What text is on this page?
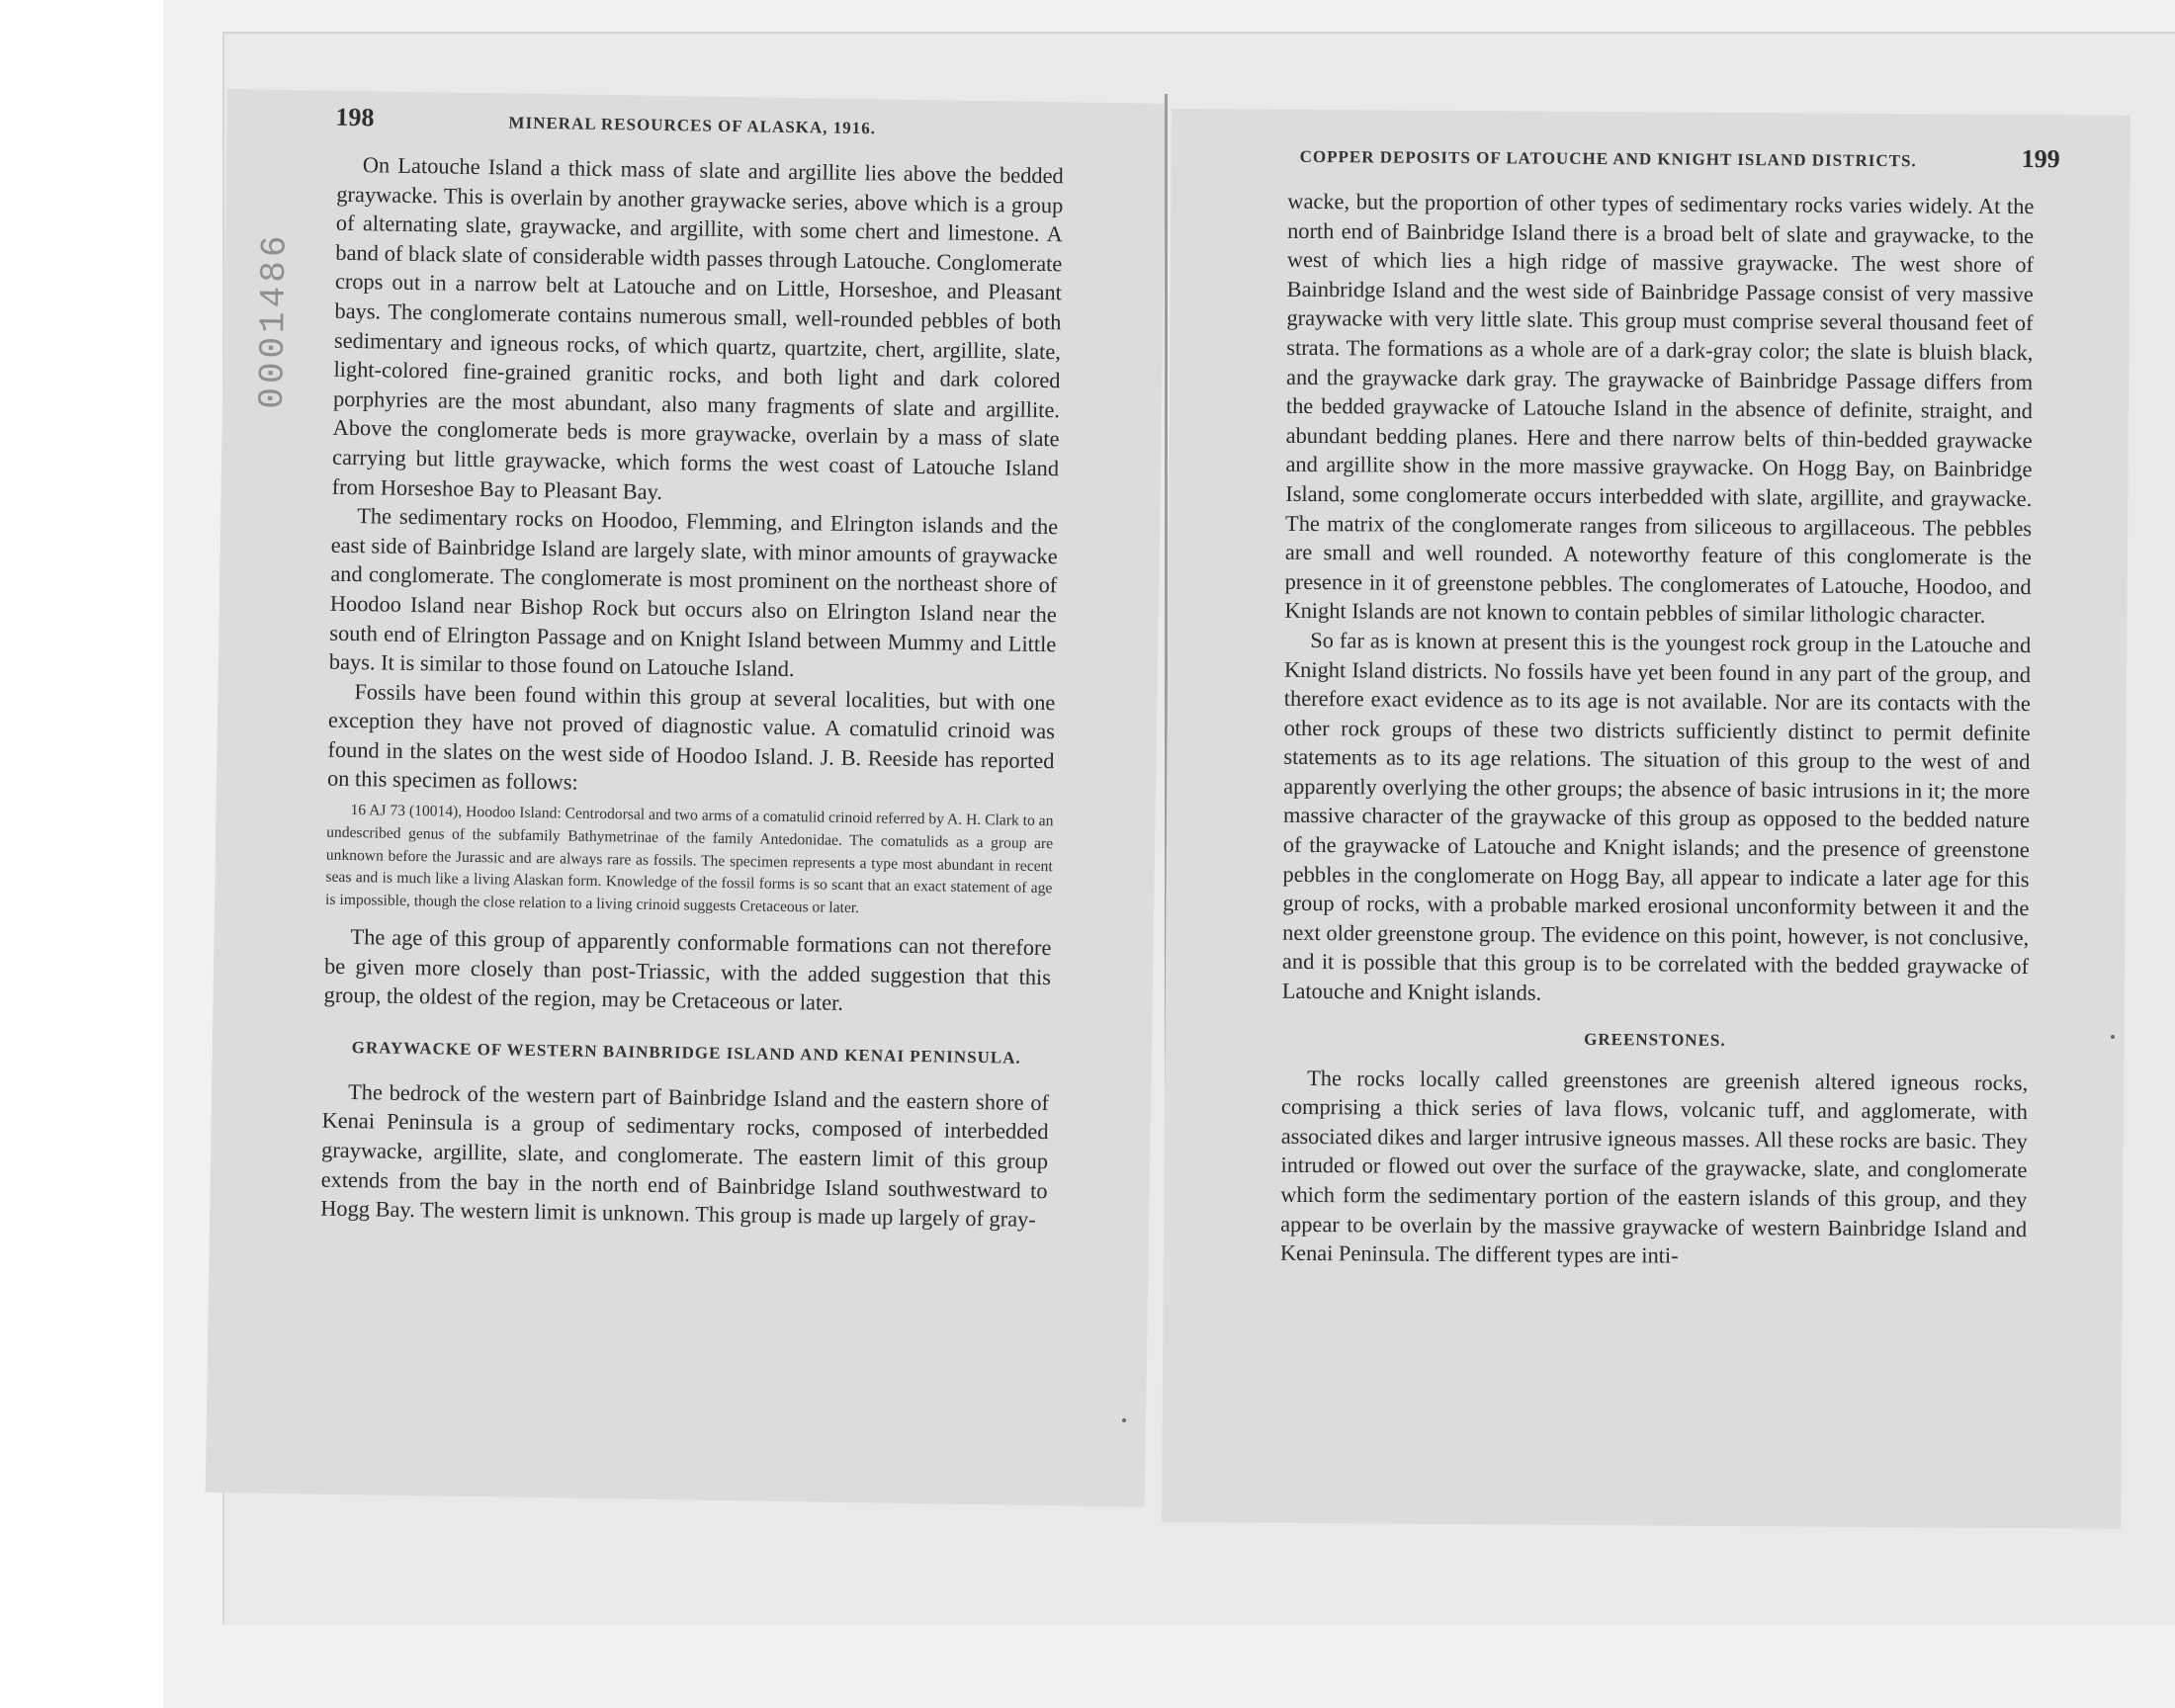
0001486
198	MINERAL RESOURCES OF ALASKA, 1916.

On Latouche Island a thick mass of slate and argillite lies above the bedded graywacke. This is overlain by another graywacke series, above which is a group of alternating slate, graywacke, and argillite, with some chert and limestone. A band of black slate of considerable width passes through Latouche. Conglomerate crops out in a narrow belt at Latouche and on Little, Horseshoe, and Pleasant bays. The conglomerate contains numerous small, well-rounded pebbles of both sedimentary and igneous rocks, of which quartz, quartzite, chert, argillite, slate, light-colored fine-grained granitic rocks, and both light and dark colored porphyries are the most abundant, also many fragments of slate and argillite. Above the conglomerate beds is more graywacke, overlain by a mass of slate carrying but little graywacke, which forms the west coast of Latouche Island from Horseshoe Bay to Pleasant Bay.

The sedimentary rocks on Hoodoo, Flemming, and Elrington islands and the east side of Bainbridge Island are largely slate, with minor amounts of graywacke and conglomerate. The conglomerate is most prominent on the northeast shore of Hoodoo Island near Bishop Rock but occurs also on Elrington Island near the south end of Elrington Passage and on Knight Island between Mummy and Little bays. It is similar to those found on Latouche Island.

Fossils have been found within this group at several localities, but with one exception they have not proved of diagnostic value. A comatulid crinoid was found in the slates on the west side of Hoodoo Island. J. B. Reeside has reported on this specimen as follows:

16 AJ 73 (10014), Hoodoo Island: Centrodorsal and two arms of a comatulid crinoid referred by A. H. Clark to an undescribed genus of the subfamily Bathymetrinae of the family Antedonidae. The comatulids as a group are unknown before the Jurassic and are always rare as fossils. The specimen represents a type most abundant in recent seas and is much like a living Alaskan form. Knowledge of the fossil forms is so scant that an exact statement of age is impossible, though the close relation to a living crinoid suggests Cretaceous or later.

The age of this group of apparently conformable formations can not therefore be given more closely than post-Triassic, with the added suggestion that this group, the oldest of the region, may be Cretaceous or later.

GRAYWACKE OF WESTERN BAINBRIDGE ISLAND AND KENAI PENINSULA.

The bedrock of the western part of Bainbridge Island and the eastern shore of Kenai Peninsula is a group of sedimentary rocks, composed of interbedded graywacke, argillite, slate, and conglomerate. The eastern limit of this group extends from the bay in the north end of Bainbridge Island southwestward to Hogg Bay. The western limit is unknown. This group is made up largely of gray-

COPPER DEPOSITS OF LATOUCHE AND KNIGHT ISLAND DISTRICTS.	199

wacke, but the proportion of other types of sedimentary rocks varies widely. At the north end of Bainbridge Island there is a broad belt of slate and graywacke, to the west of which lies a high ridge of massive graywacke. The west shore of Bainbridge Island and the west side of Bainbridge Passage consist of very massive graywacke with very little slate. This group must comprise several thousand feet of strata. The formations as a whole are of a dark-gray color; the slate is bluish black, and the graywacke dark gray. The graywacke of Bainbridge Passage differs from the bedded graywacke of Latouche Island in the absence of definite, straight, and abundant bedding planes. Here and there narrow belts of thin-bedded graywacke and argillite show in the more massive graywacke. On Hogg Bay, on Bainbridge Island, some conglomerate occurs interbedded with slate, argillite, and graywacke. The matrix of the conglomerate ranges from siliceous to argillaceous. The pebbles are small and well rounded. A noteworthy feature of this conglomerate is the presence in it of greenstone pebbles. The conglomerates of Latouche, Hoodoo, and Knight Islands are not known to contain pebbles of similar lithologic character.

So far as is known at present this is the youngest rock group in the Latouche and Knight Island districts. No fossils have yet been found in any part of the group, and therefore exact evidence as to its age is not available. Nor are its contacts with the other rock groups of these two districts sufficiently distinct to permit definite statements as to its age relations. The situation of this group to the west of and apparently overlying the other groups; the absence of basic intrusions in it; the more massive character of the graywacke of this group as opposed to the bedded nature of the graywacke of Latouche and Knight islands; and the presence of greenstone pebbles in the conglomerate on Hogg Bay, all appear to indicate a later age for this group of rocks, with a probable marked erosional unconformity between it and the next older greenstone group. The evidence on this point, however, is not conclusive, and it is possible that this group is to be correlated with the bedded graywacke of Latouche and Knight islands.

GREENSTONES.

The rocks locally called greenstones are greenish altered igneous rocks, comprising a thick series of lava flows, volcanic tuff, and agglomerate, with associated dikes and larger intrusive igneous masses. All these rocks are basic. They intruded or flowed out over the surface of the graywacke, slate, and conglomerate which form the sedimentary portion of the eastern islands of this group, and they appear to be overlain by the massive graywacke of western Bainbridge Island and Kenai Peninsula. The different types are inti-
